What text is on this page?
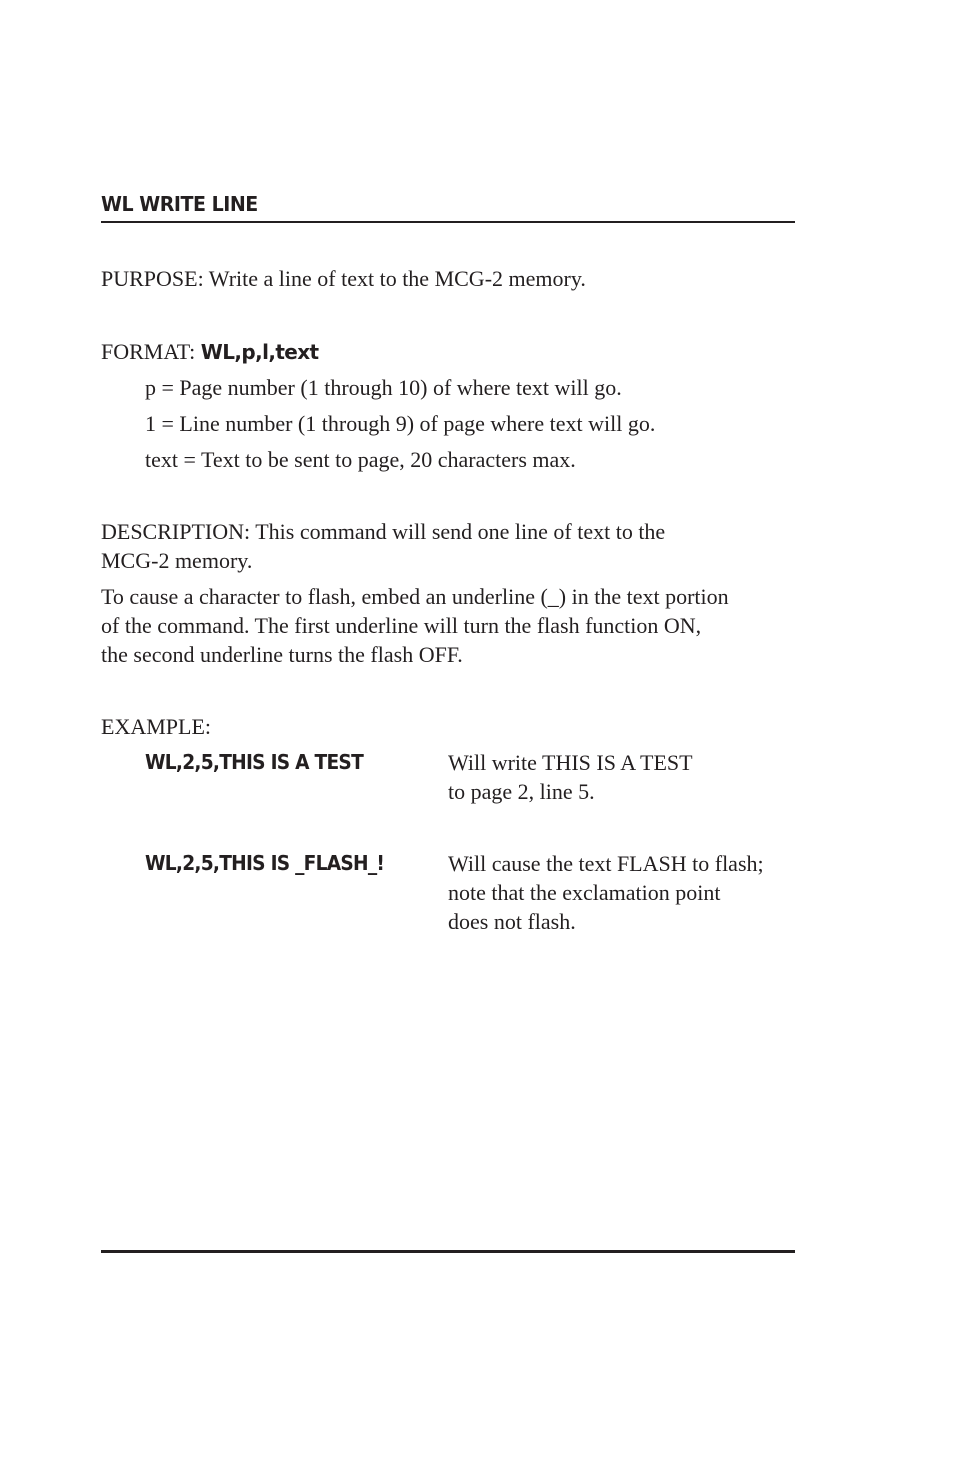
WL WRITE LINE
PURPOSE: Write a line of text to the MCG-2 memory.
FORMAT: WL,p,l,text
p = Page number (1 through 10) of where text will go.
1 = Line number (1 through 9) of page where text will go.
text = Text to be sent to page, 20 characters max.
DESCRIPTION: This command will send one line of text to the
MCG-2 memory.
To cause a character to flash, embed an underline (_) in the text portion
of the command. The first underline will turn the flash function ON,
the second underline turns the flash OFF.
EXAMPLE:
WL,2,5,THIS IS A TEST	Will write THIS IS A TEST
to page 2, line 5.
WL,2,5,THIS IS _FLASH_!	Will cause the text FLASH to flash;
note that the exclamation point
does not flash.
